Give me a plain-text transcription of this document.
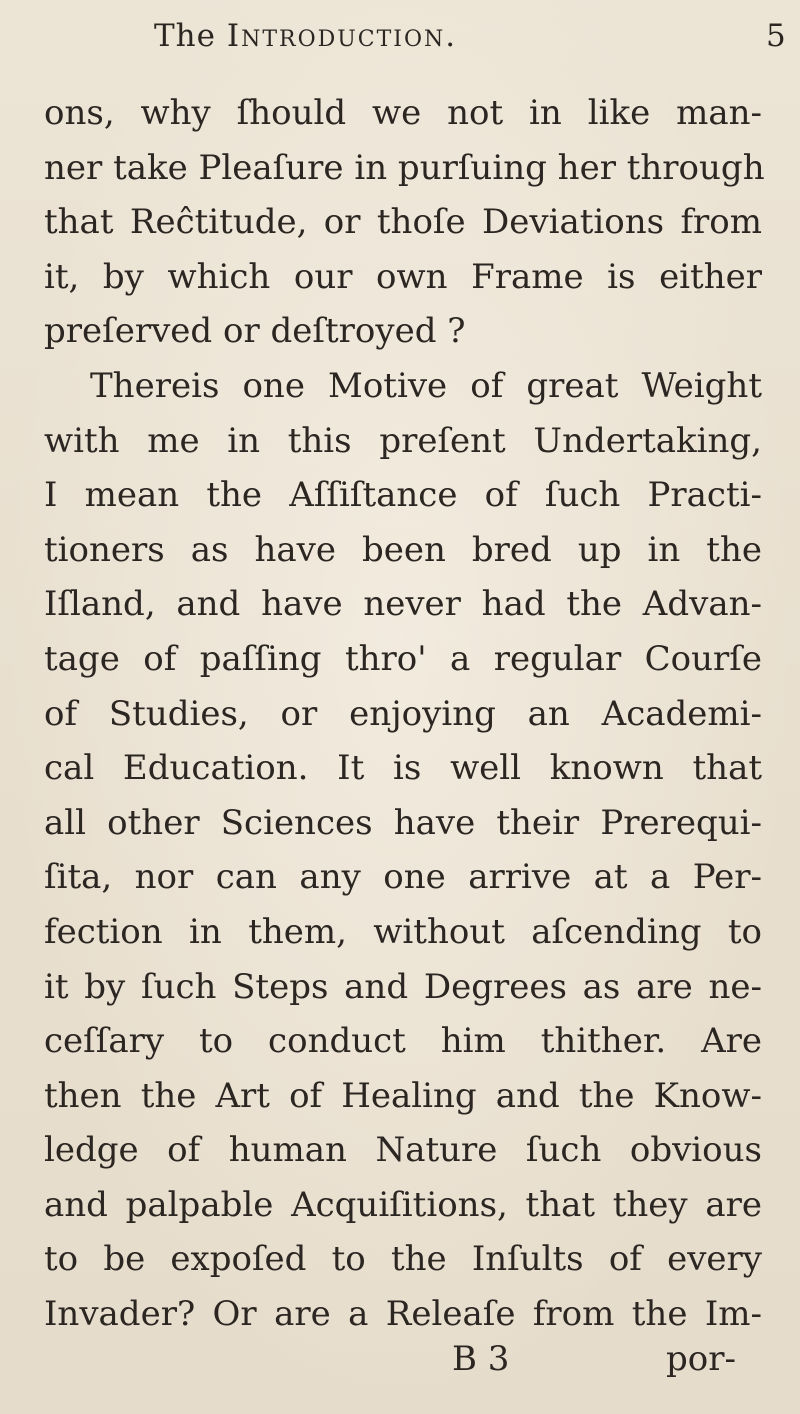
The Introduction.	5
ons, why ſhould we not in like man-
ner take Pleaſure in purſuing her through
that Reĉtitude, or thoſe Deviations from
it, by which our own Frame is either
preſerved or deſtroyed ?
Thereis one Motive of great Weight
with me in this preſent Undertaking,
I mean the Aſſiſtance of ſuch Practi-
tioners as have been bred up in the
Iſland, and have never had the Advan-
tage of paſſing thro' a regular Courſe
of Studies, or enjoying an Academi-
cal Education. It is well known that
all other Sciences have their Prerequi-
ſita, nor can any one arrive at a Per-
fection in them, without aſcending to
it by ſuch Steps and Degrees as are ne-
ceſſary to conduct him thither. Are
then the Art of Healing and the Know-
ledge of human Nature ſuch obvious
and palpable Acquiſitions, that they are
to be expoſed to the Inſults of every
Invader? Or are a Releaſe from the Im-
B 3	por-
